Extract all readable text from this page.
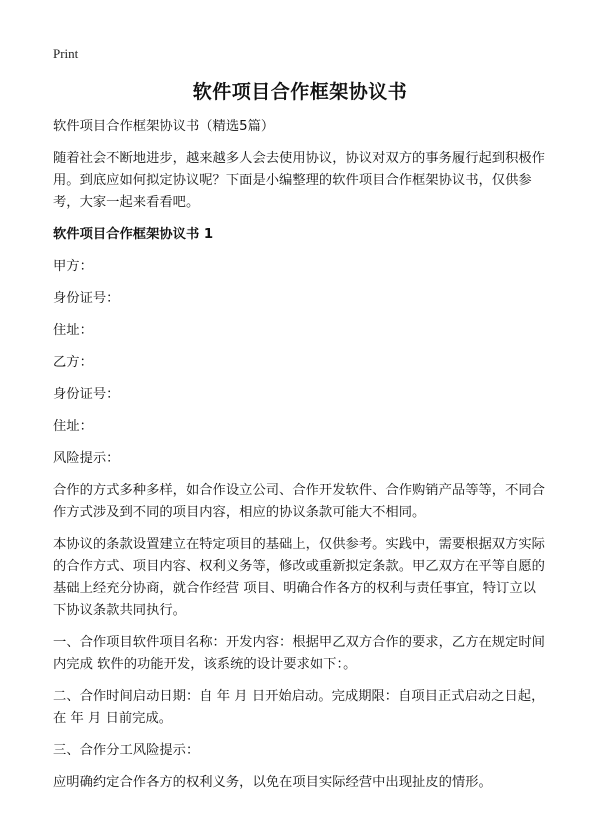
Print
软件项目合作框架协议书

软件项目合作框架协议书（精选5篇）

随着社会不断地进步，越来越多人会去使用协议，协议对双方的事务履行起到积极作用。到底应如何拟定协议呢？下面是小编整理的软件项目合作框架协议书，仅供参考，大家一起来看看吧。

软件项目合作框架协议书 1

甲方：

身份证号：

住址：

乙方：

身份证号：

住址：

风险提示：

合作的方式多种多样，如合作设立公司、合作开发软件、合作购销产品等等，不同合作方式涉及到不同的项目内容，相应的协议条款可能大不相同。

本协议的条款设置建立在特定项目的基础上，仅供参考。实践中，需要根据双方实际的合作方式、项目内容、权利义务等，修改或重新拟定条款。甲乙双方在平等自愿的基础上经充分协商，就合作经营 项目、明确合作各方的权利与责任事宜，特订立以下协议条款共同执行。

一、合作项目软件项目名称：开发内容：根据甲乙双方合作的要求，乙方在规定时间内完成 软件的功能开发，该系统的设计要求如下：。

二、合作时间启动日期：自 年 月 日开始启动。完成期限：自项目正式启动之日起，在 年 月 日前完成。

三、合作分工风险提示：

应明确约定合作各方的权利义务，以免在项目实际经营中出现扯皮的情形。
